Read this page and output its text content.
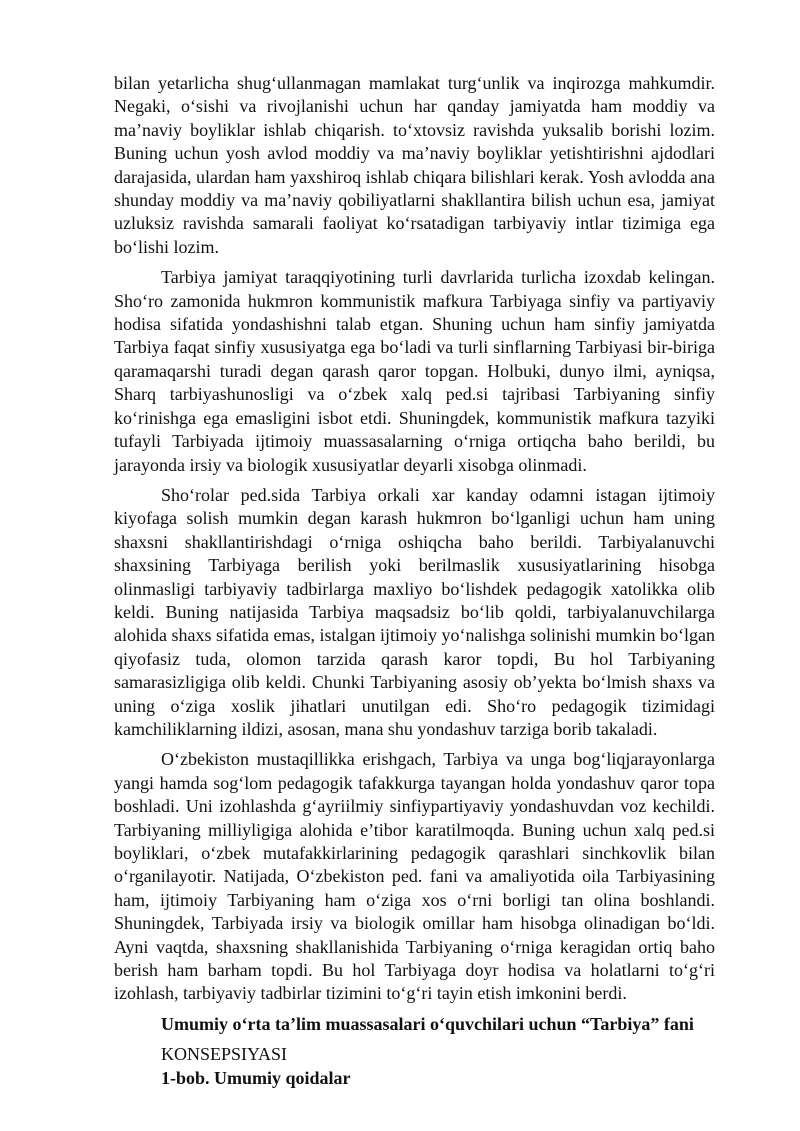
bilan yetarlicha shug‘ullanmagan mamlakat turg‘unlik va inqirozga mahkumdir. Negaki, o‘sishi va rivojlanishi uchun har qanday jamiyatda ham moddiy va ma’naviy boyliklar ishlab chiqarish. to‘xtovsiz ravishda yuksalib borishi lozim. Buning uchun yosh avlod moddiy va ma’naviy boyliklar yetishtirishni ajdodlari darajasida, ulardan ham yaxshiroq ishlab chiqara bilishlari kerak. Yosh avlodda ana shunday moddiy va ma’naviy qobiliyatlarni shakllantira bilish uchun esa, jamiyat uzluksiz ravishda samarali faoliyat ko‘rsatadigan tarbiyaviy intlar tizimiga ega bo‘lishi lozim.

Tarbiya jamiyat taraqqiyotining turli davrlarida turlicha izoxdab kelingan. Sho‘ro zamonida hukmron kommunistik mafkura Tarbiyaga sinfiy va partiyaviy hodisa sifatida yondashishni talab etgan. Shuning uchun ham sinfiy jamiyatda Tarbiya faqat sinfiy xususiyatga ega bo‘ladi va turli sinflarning Tarbiyasi bir-biriga qaramaqarshi turadi degan qarash qaror topgan. Holbuki, dunyo ilmi, ayniqsa, Sharq tarbiyashunosligi va o‘zbek xalq ped.si tajribasi Tarbiyaning sinfiy ko‘rinishga ega emasligini isbot etdi. Shuningdek, kommunistik mafkura tazyiki tufayli Tarbiyada ijtimoiy muassasalarning o‘rniga ortiqcha baho berildi, bu jarayonda irsiy va biologik xususiyatlar deyarli xisobga olinmadi.

Sho‘rolar ped.sida Tarbiya orkali xar kanday odamni istagan ijtimoiy kiyofaga solish mumkin degan karash hukmron bo‘lganligi uchun ham uning shaxsni shakllantirishdagi o‘rniga oshiqcha baho berildi. Tarbiyalanuvchi shaxsining Tarbiyaga berilish yoki berilmaslik xususiyatlarining hisobga olinmasligi tarbiyaviy tadbirlarga maxliyo bo‘lishdek pedagogik xatolikka olib keldi. Buning natijasida Tarbiya maqsadsiz bo‘lib qoldi, tarbiyalanuvchilarga alohida shaxs sifatida emas, istalgan ijtimoiy yo‘nalishga solinishi mumkin bo‘lgan qiyofasiz tuda, olomon tarzida qarash karor topdi, Bu hol Tarbiyaning samarasizligiga olib keldi. Chunki Tarbiyaning asosiy ob’yekta bo‘lmish shaxs va uning o‘ziga xoslik jihatlari unutilgan edi. Sho‘ro pedagogik tizimidagi kamchiliklarning ildizi, asosan, mana shu yondashuv tarziga borib takaladi.

O‘zbekiston mustaqillikka erishgach, Tarbiya va unga bog‘liqjarayonlarga yangi hamda sog‘lom pedagogik tafakkurga tayangan holda yondashuv qaror topa boshladi. Uni izohlashda g‘ayriilmiy sinfiypartiyaviy yondashuvdan voz kechildi. Tarbiyaning milliyligiga alohida e’tibor karatilmoqda. Buning uchun xalq ped.si boyliklari, o‘zbek mutafakkirlarining pedagogik qarashlari sinchkovlik bilan o‘rganilayotir. Natijada, O‘zbekiston ped. fani va amaliyotida oila Tarbiyasining ham, ijtimoiy Tarbiyaning ham o‘ziga xos o‘rni borligi tan olina boshlandi. Shuningdek, Tarbiyada irsiy va biologik omillar ham hisobga olinadigan bo‘ldi. Ayni vaqtda, shaxsning shakllanishida Tarbiyaning o‘rniga keragidan ortiq baho berish ham barham topdi. Bu hol Tarbiyaga doyr hodisa va holatlarni to‘g‘ri izohlash, tarbiyaviy tadbirlar tizimini to‘g‘ri tayin etish imkonini berdi.

Umumiy o‘rta ta’lim muassasalari o‘quvchilari uchun “Tarbiya” fani

KONSEPSIYASI

1-bob. Umumiy qoidalar
